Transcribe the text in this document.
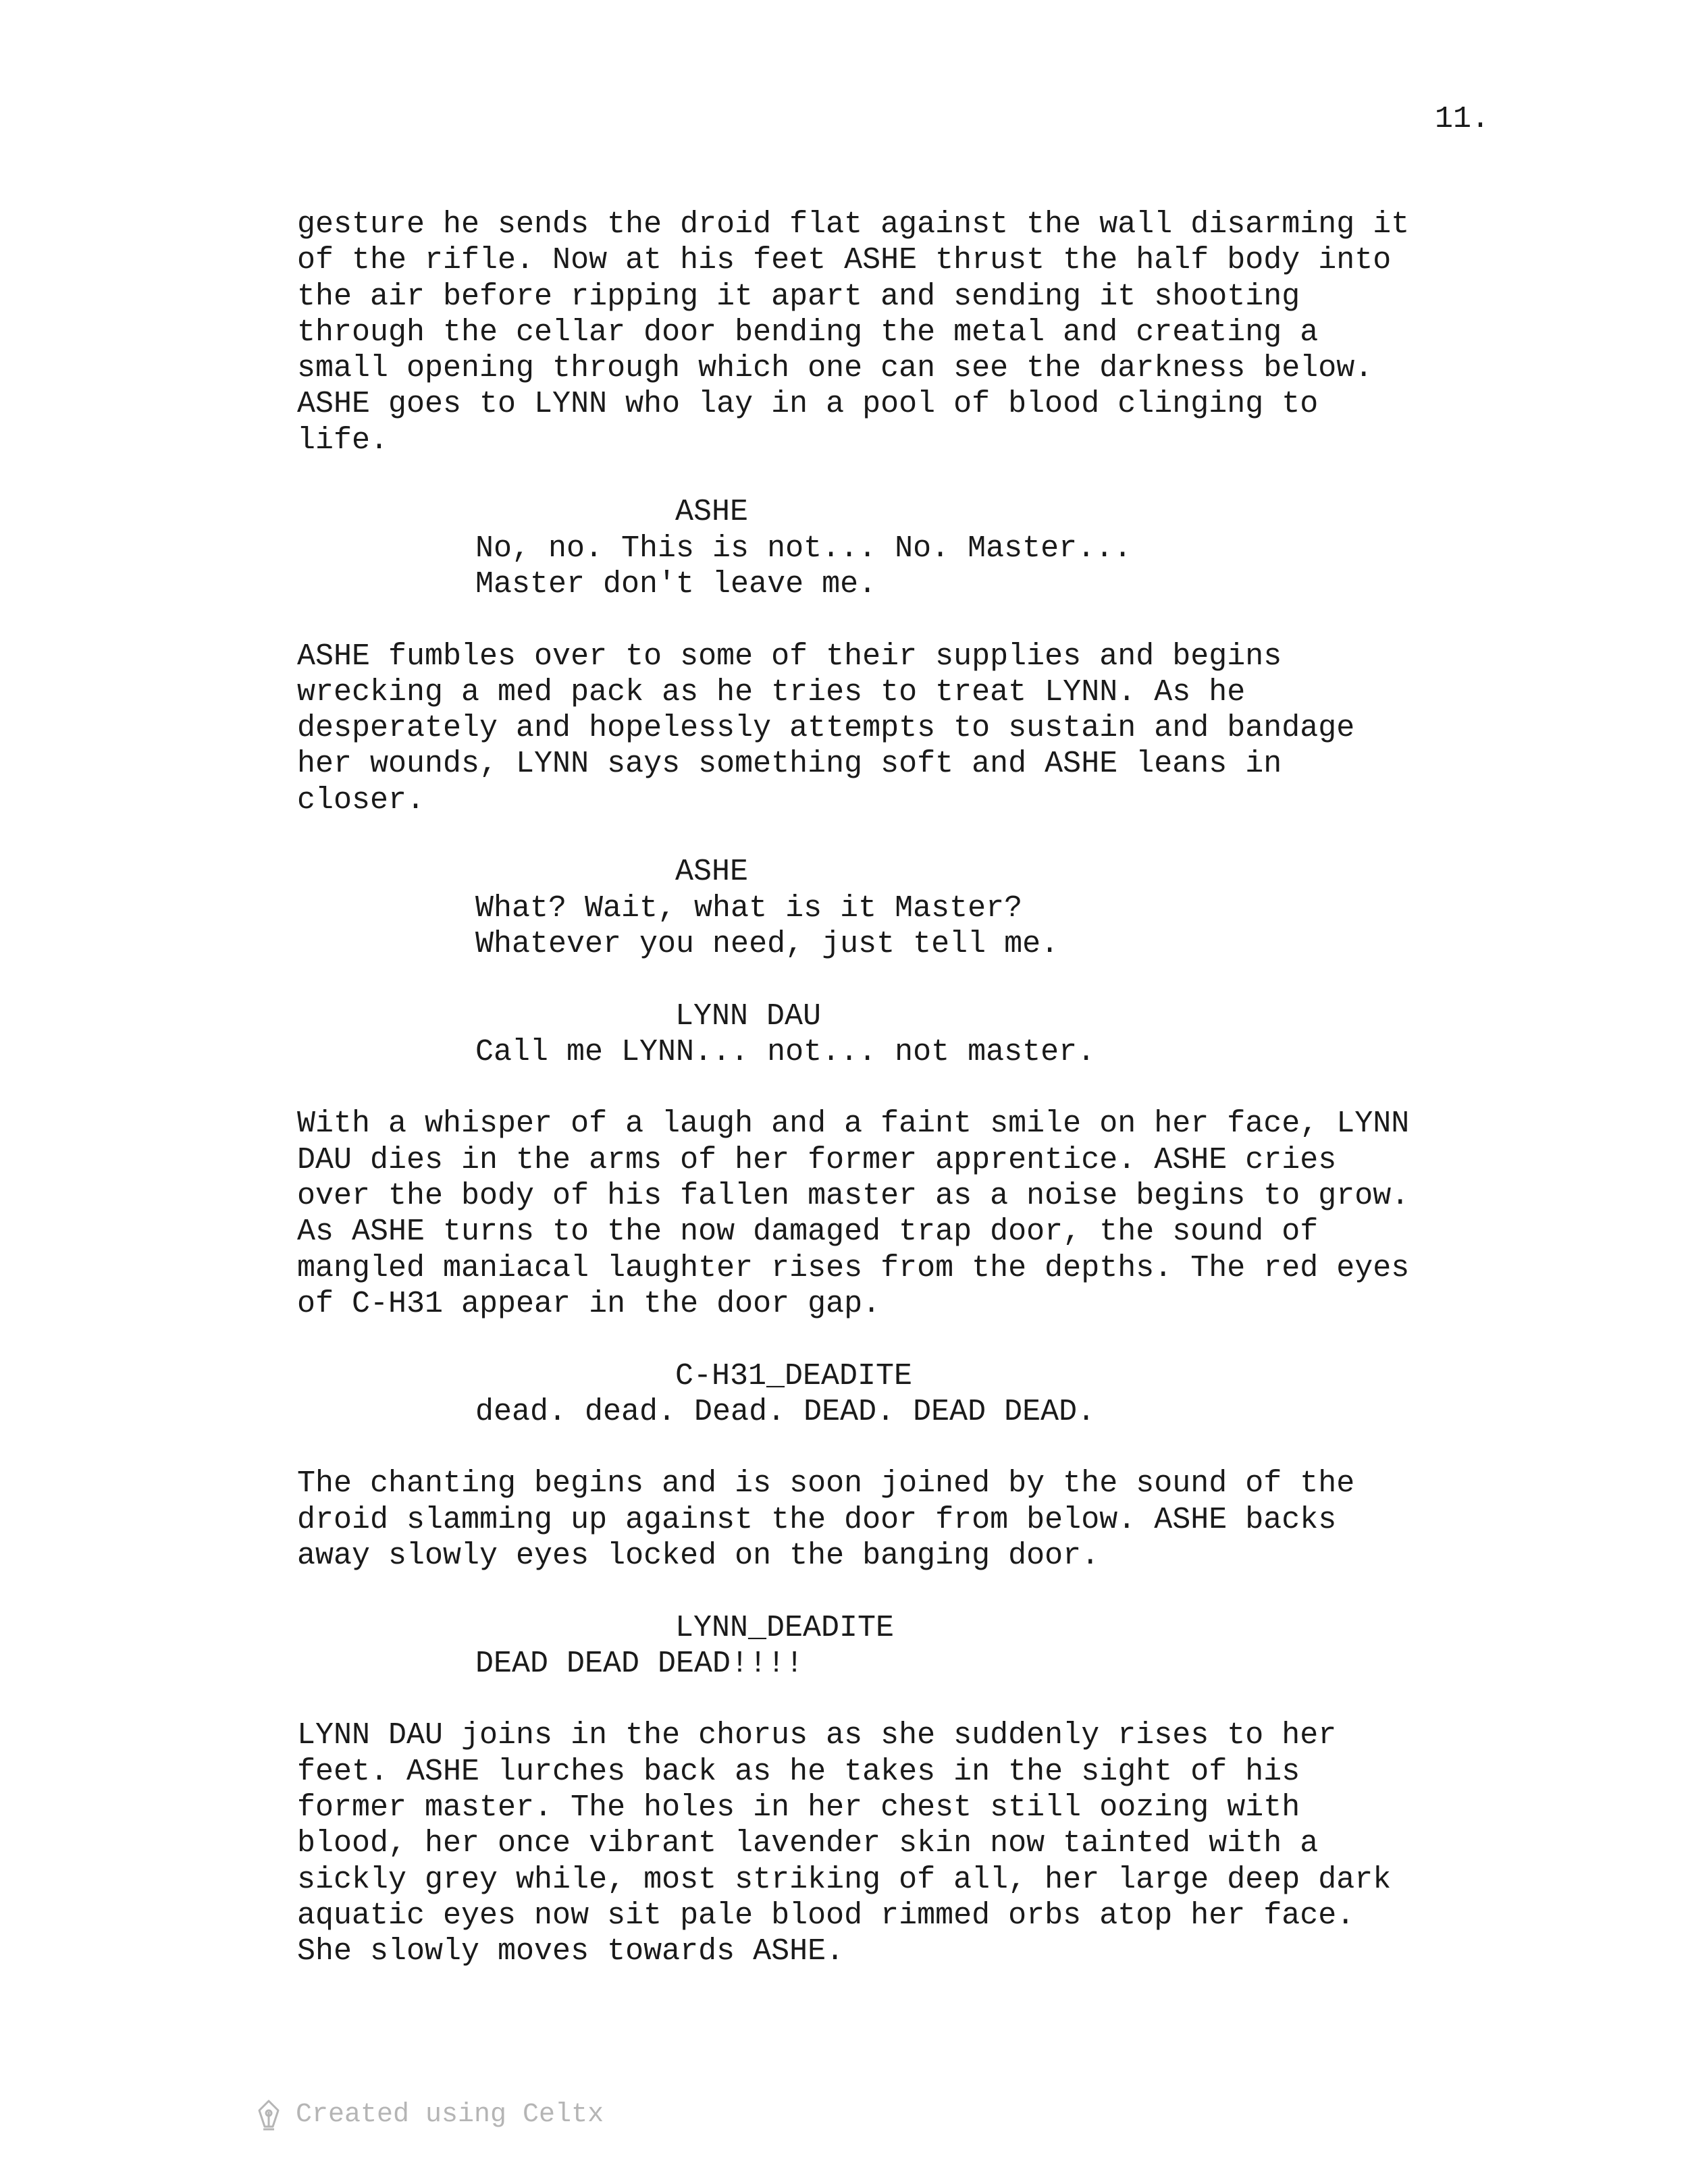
11.

gesture he sends the droid flat against the wall disarming it
of the rifle. Now at his feet ASHE thrust the half body into
the air before ripping it apart and sending it shooting
through the cellar door bending the metal and creating a
small opening through which one can see the darkness below.
ASHE goes to LYNN who lay in a pool of blood clinging to
life.

ASHE

No, no. This is not... No. Master...
Master don't leave me.

ASHE fumbles over to some of their supplies and begins
wrecking a med pack as he tries to treat LYNN. As he
desperately and hopelessly attempts to sustain and bandage
her wounds, LYNN says something soft and ASHE leans in
closer.

ASHE

What? Wait, what is it Master?
Whatever you need, just tell me.

LYNN DAU

Call me LYNN... not... not master.

With a whisper of a laugh and a faint smile on her face, LYNN
DAU dies in the arms of her former apprentice. ASHE cries
over the body of his fallen master as a noise begins to grow.
As ASHE turns to the now damaged trap door, the sound of
mangled maniacal laughter rises from the depths. The red eyes
of C-H31 appear in the door gap.

C-H31_DEADITE

dead. dead. Dead. DEAD. DEAD DEAD.

The chanting begins and is soon joined by the sound of the
droid slamming up against the door from below. ASHE backs
away slowly eyes locked on the banging door.

LYNN_DEADITE

DEAD DEAD DEAD!!!!

LYNN DAU joins in the chorus as she suddenly rises to her
feet. ASHE lurches back as he takes in the sight of his
former master. The holes in her chest still oozing with
blood, her once vibrant lavender skin now tainted with a
sickly grey while, most striking of all, her large deep dark
aquatic eyes now sit pale blood rimmed orbs atop her face.
She slowly moves towards ASHE.

Created using Celtx
